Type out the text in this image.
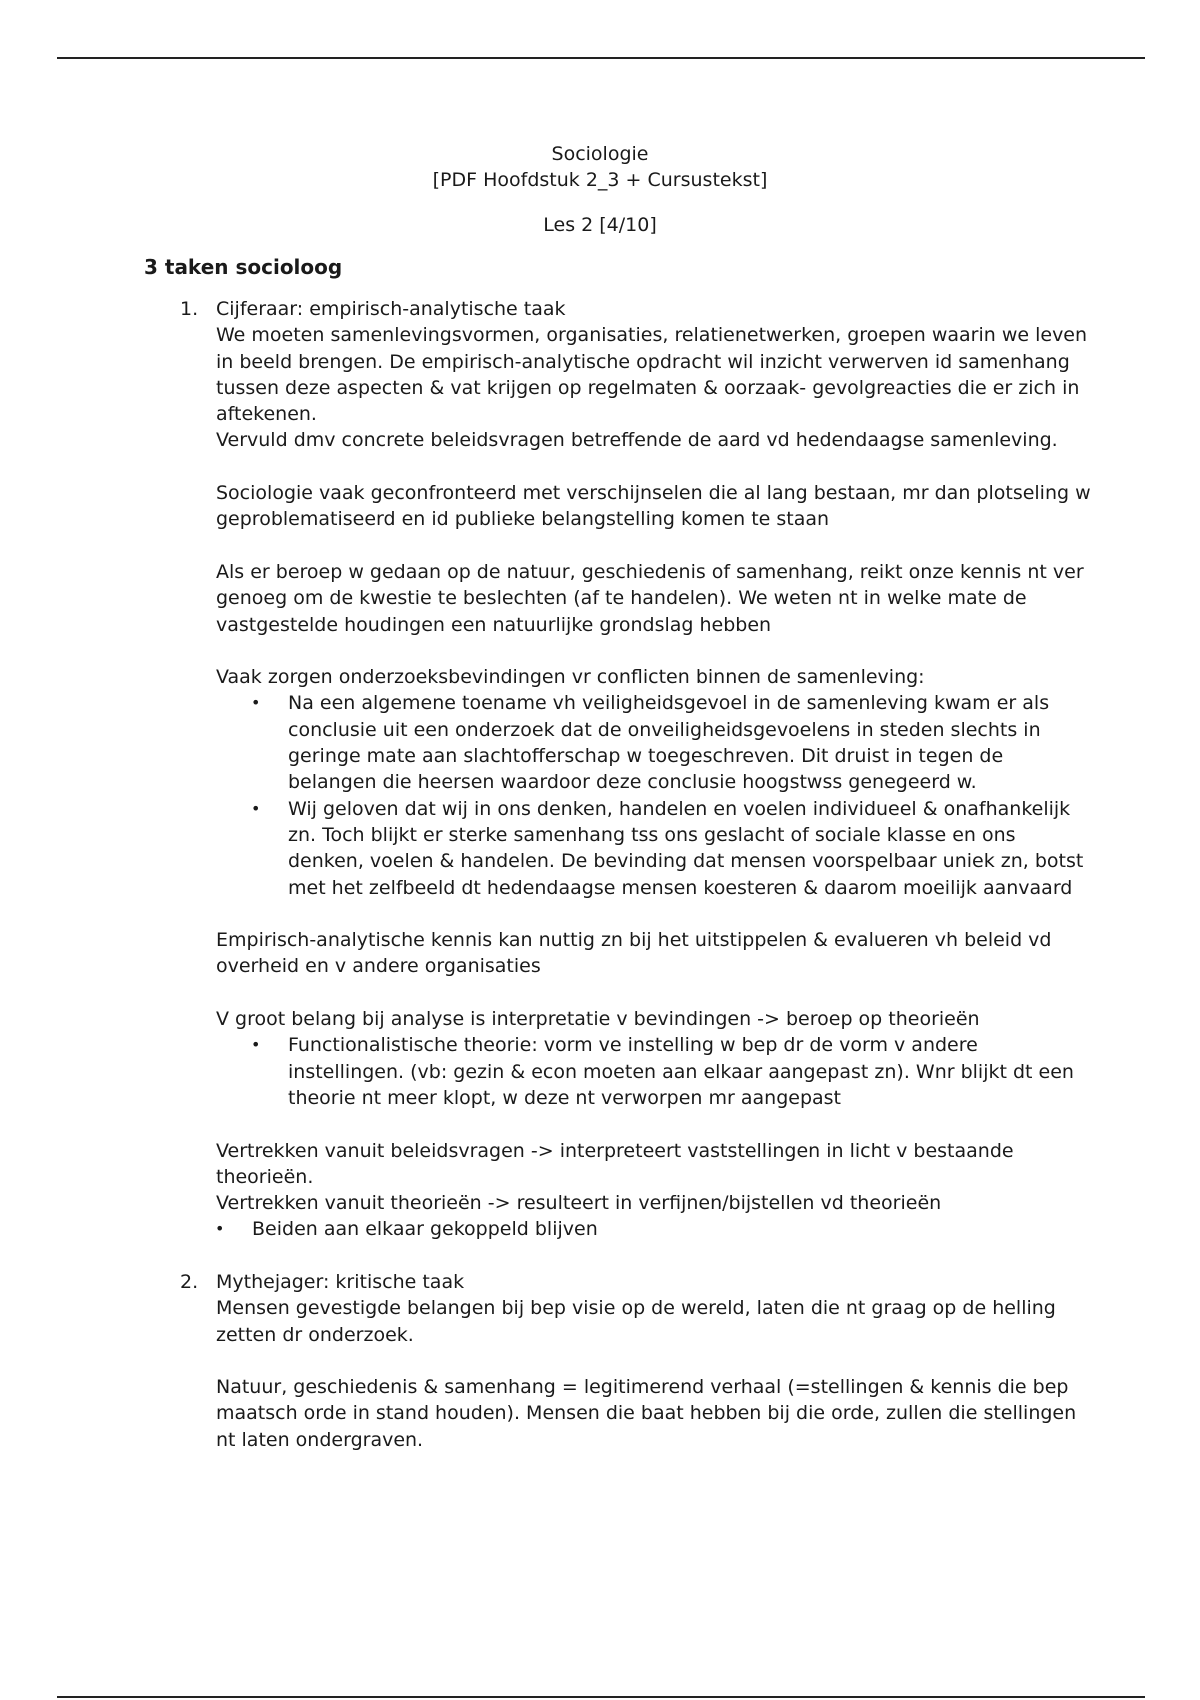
Sociologie
[PDF Hoofdstuk 2_3 + Cursustekst]
Les 2 [4/10]
3 taken socioloog
1. Cijferaar: empirisch-analytische taak

We moeten samenlevingsvormen, organisaties, relatienetwerken, groepen waarin we leven in beeld brengen. De empirisch-analytische opdracht wil inzicht verwerven id samenhang tussen deze aspecten & vat krijgen op regelmaten & oorzaak- gevolgreacties die er zich in aftekenen.

Vervuld dmv concrete beleidsvragen betreffende de aard vd hedendaagse samenleving.

Sociologie vaak geconfronteerd met verschijnselen die al lang bestaan, mr dan plotseling w geproblematiseerd en id publieke belangstelling komen te staan

Als er beroep w gedaan op de natuur, geschiedenis of samenhang, reikt onze kennis nt ver genoeg om de kwestie te beslechten (af te handelen). We weten nt in welke mate de vastgestelde houdingen een natuurlijke grondslag hebben

Vaak zorgen onderzoeksbevindingen vr conflicten binnen de samenleving:

• Na een algemene toename vh veiligheidsgevoel in de samenleving kwam er als conclusie uit een onderzoek dat de onveiligheidsgevoelens in steden slechts in geringe mate aan slachtofferschap w toegeschreven. Dit druist in tegen de belangen die heersen waardoor deze conclusie hoogstwss genegeerd w.
• Wij geloven dat wij in ons denken, handelen en voelen individueel & onafhankelijk zn. Toch blijkt er sterke samenhang tss ons geslacht of sociale klasse en ons denken, voelen & handelen. De bevinding dat mensen voorspelbaar uniek zn, botst met het zelfbeeld dt hedendaagse mensen koesteren & daarom moeilijk aanvaard

Empirisch-analytische kennis kan nuttig zn bij het uitstippelen & evalueren vh beleid vd overheid en v andere organisaties

V groot belang bij analyse is interpretatie v bevindingen -> beroep op theorieën

• Functionalistische theorie: vorm ve instelling w bep dr de vorm v andere instellingen. (vb: gezin & econ moeten aan elkaar aangepast zn). Wnr blijkt dt een theorie nt meer klopt, w deze nt verworpen mr aangepast

Vertrekken vanuit beleidsvragen -> interpreteert vaststellingen in licht v bestaande theorieën.

Vertrekken vanuit theorieën -> resulteert in verfijnen/bijstellen vd theorieën

• Beiden aan elkaar gekoppeld blijven
2. Mythejager: kritische taak

Mensen gevestigde belangen bij bep visie op de wereld, laten die nt graag op de helling zetten dr onderzoek.

Natuur, geschiedenis & samenhang = legitimerend verhaal (=stellingen & kennis die bep maatsch orde in stand houden). Mensen die baat hebben bij die orde, zullen die stellingen nt laten ondergraven.
